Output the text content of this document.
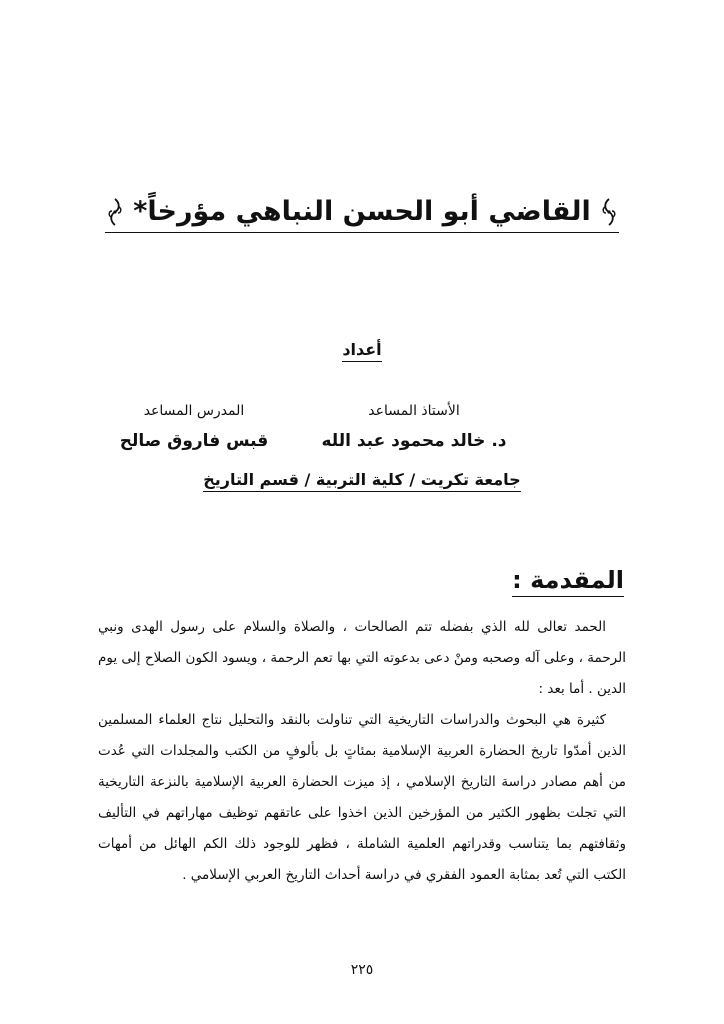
القاضي أبو الحسن النباهي مؤرخاً*
أعداد
الأستاذ المساعد
د. خالد محمود عبد الله
المدرس المساعد
قبس فاروق صالح
جامعة تكريت / كلية التربية / قسم التاريخ
المقدمة :

الحمد تعالى لله الذي بفضله تتم الصالحات ، والصلاة والسلام على رسول الهدى ونبي الرحمة ، وعلى آله وصحبه ومنْ دعى بدعوته التي بها تعم الرحمة ، ويسود الكون الصلاح إلى يوم الدين . أما بعد :

كثيرة هي البحوث والدراسات التاريخية التي تناولت بالنقد والتحليل نتاج العلماء المسلمين الذين أمدّوا تاريخ الحضارة العربية الإسلامية بمئاتٍ بل بألوفٍ من الكتب والمجلدات التي عُدت من أهم مصادر دراسة التاريخ الإسلامي ، إذ ميزت الحضارة العربية الإسلامية بالنزعة التاريخية التي تجلت بظهور الكثير من المؤرخين الذين اخذوا على عاتقهم توظيف مهاراتهم في التأليف وثقافتهم بما يتناسب وقدراتهم العلمية الشاملة ، فظهر للوجود ذلك الكم الهائل من أمهات الكتب التي تُعد بمثابة العمود الفقري في دراسة أحداث التاريخ العربي الإسلامي .

٢٢٥
